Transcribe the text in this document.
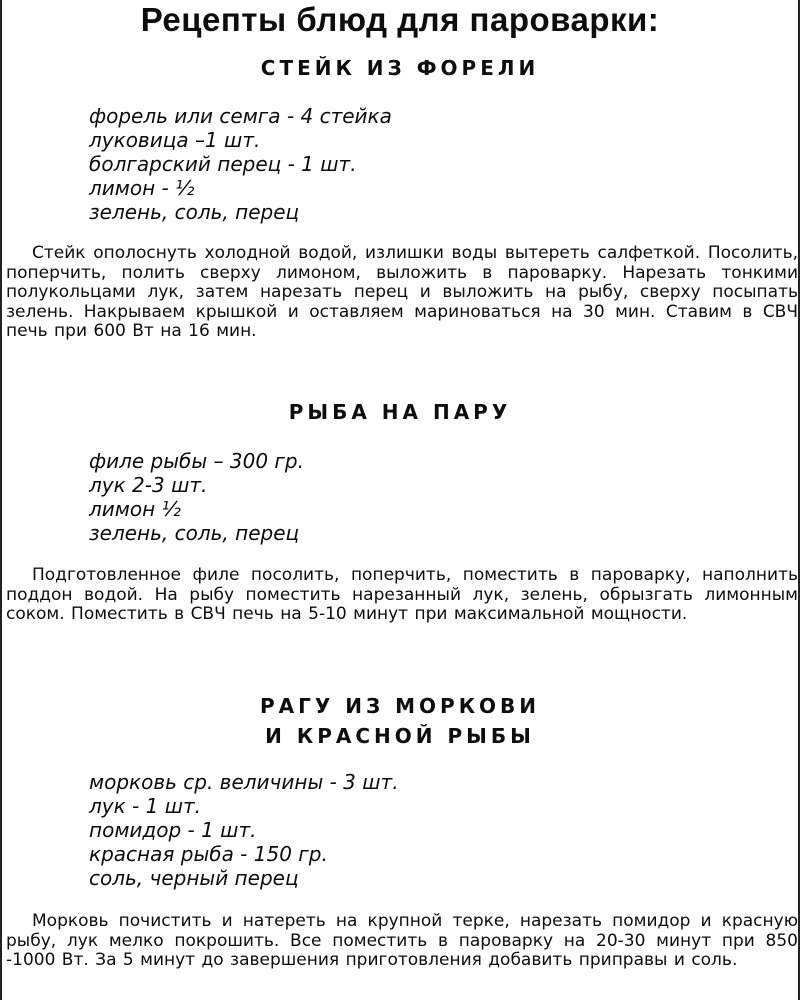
Рецепты блюд для пароварки:
СТЕЙК ИЗ ФОРЕЛИ
форель или семга - 4 стейка
луковица –1 шт.
болгарский перец - 1 шт.
лимон - ½
зелень, соль, перец

Стейк ополоснуть холодной водой, излишки воды вытереть салфеткой. Посолить, поперчить, полить сверху лимоном, выложить в пароварку. Нарезать тонкими полукольцами лук, затем нарезать перец и выложить на рыбу, сверху посыпать зелень. Накрываем крышкой и оставляем мариноваться на 30 мин. Ставим в СВЧ печь при 600 Вт на 16 мин.

РЫБА НА ПАРУ
филе рыбы – 300 гр.
лук 2-3 шт.
лимон ½
зелень, соль, перец

Подготовленное филе посолить, поперчить, поместить в пароварку, наполнить поддон водой. На рыбу поместить нарезанный лук, зелень, обрызгать лимонным соком. Поместить в СВЧ печь на 5-10 минут при максимальной мощности.

РАГУ ИЗ МОРКОВИ
И КРАСНОЙ РЫБЫ
морковь ср. величины - 3 шт.
лук - 1 шт.
помидор - 1 шт.
красная рыба - 150 гр.
соль, черный перец

Морковь почистить и натереть на крупной терке, нарезать помидор и красную рыбу, лук мелко покрошить. Все поместить в пароварку на 20-30 минут при 850 -1000 Вт. За 5 минут до завершения приготовления добавить приправы и соль.
